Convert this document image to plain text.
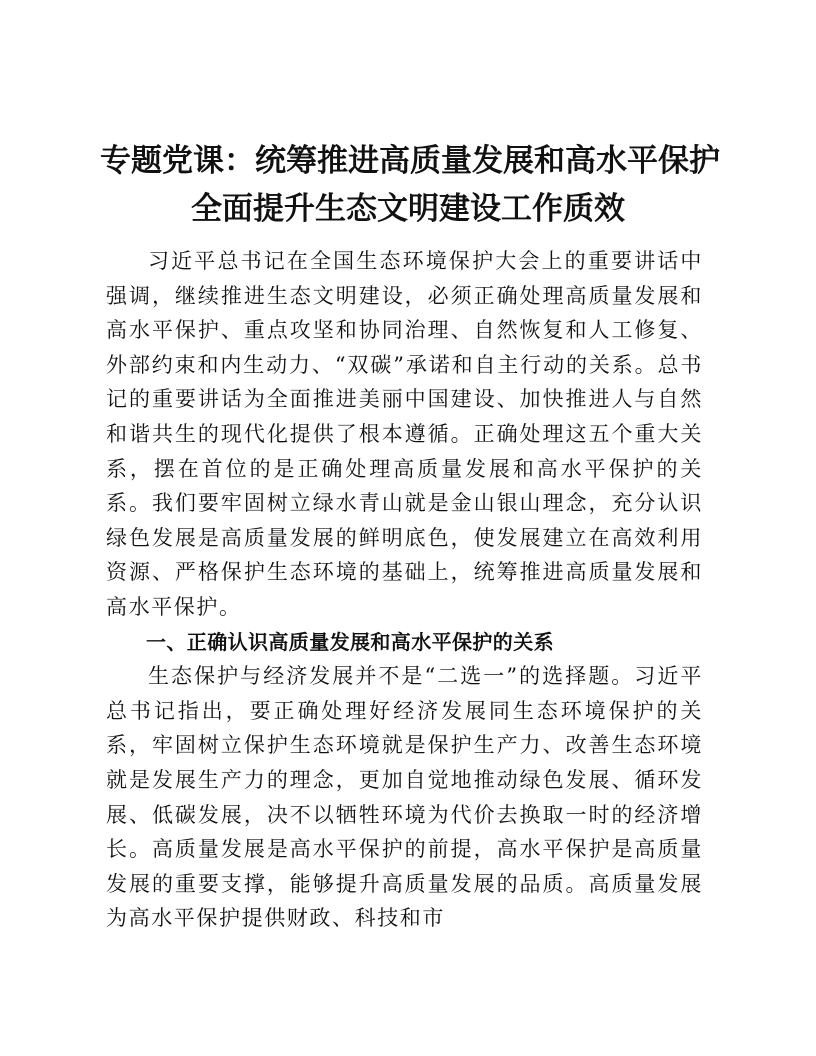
专题党课：统筹推进高质量发展和高水平保护
全面提升生态文明建设工作质效

习近平总书记在全国生态环境保护大会上的重要讲话中强调，继续推进生态文明建设，必须正确处理高质量发展和高水平保护、重点攻坚和协同治理、自然恢复和人工修复、外部约束和内生动力、“双碳”承诺和自主行动的关系。总书记的重要讲话为全面推进美丽中国建设、加快推进人与自然和谐共生的现代化提供了根本遵循。正确处理这五个重大关系，摆在首位的是正确处理高质量发展和高水平保护的关系。我们要牢固树立绿水青山就是金山银山理念，充分认识绿色发展是高质量发展的鲜明底色，使发展建立在高效利用资源、严格保护生态环境的基础上，统筹推进高质量发展和高水平保护。

一、正确认识高质量发展和高水平保护的关系

生态保护与经济发展并不是“二选一”的选择题。习近平总书记指出，要正确处理好经济发展同生态环境保护的关系，牢固树立保护生态环境就是保护生产力、改善生态环境就是发展生产力的理念，更加自觉地推动绿色发展、循环发展、低碳发展，决不以牺牲环境为代价去换取一时的经济增长。高质量发展是高水平保护的前提，高水平保护是高质量发展的重要支撑，能够提升高质量发展的品质。高质量发展为高水平保护提供财政、科技和市
